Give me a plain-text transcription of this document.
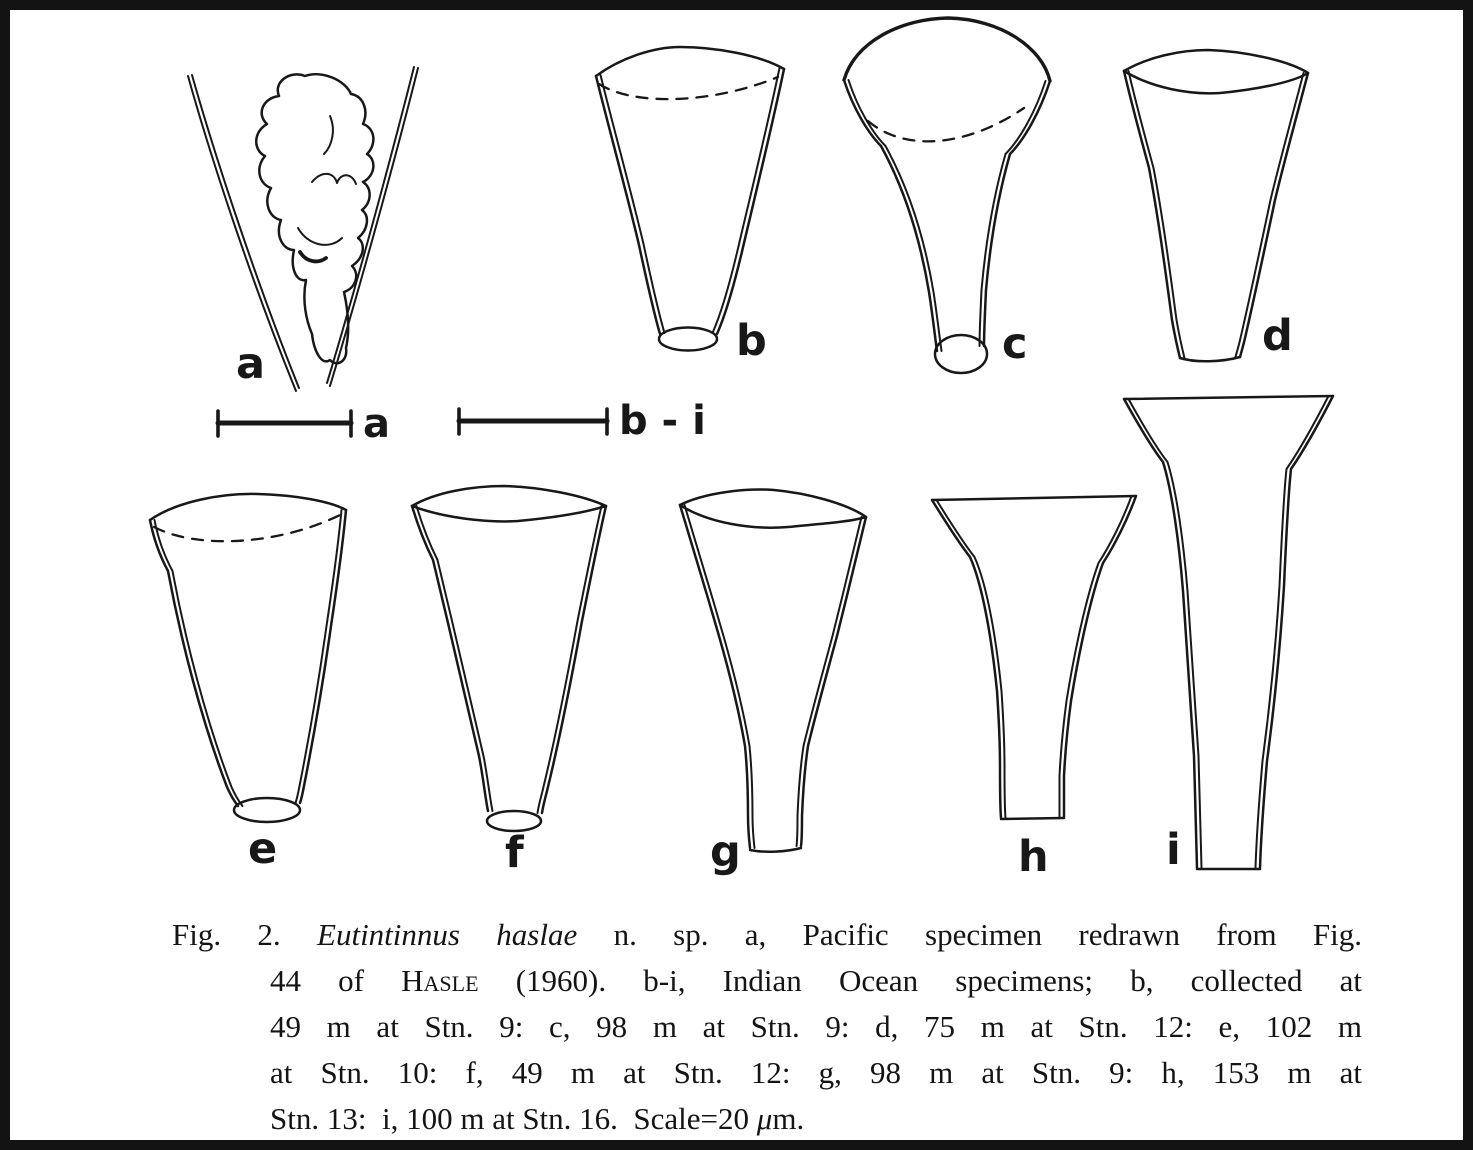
a
a	b - i
b	c	d
e	f	g	h	i

Fig. 2. Eutintinnus haslae n. sp. a, Pacific specimen redrawn from Fig.

44 of Hasle (1960). b-i, Indian Ocean specimens; b, collected at

49 m at Stn. 9: c, 98 m at Stn. 9: d, 75 m at Stn. 12: e, 102 m

at Stn. 10: f, 49 m at Stn. 12: g, 98 m at Stn. 9: h, 153 m at

Stn. 13:  i, 100 m at Stn. 16.  Scale=20 μm.
